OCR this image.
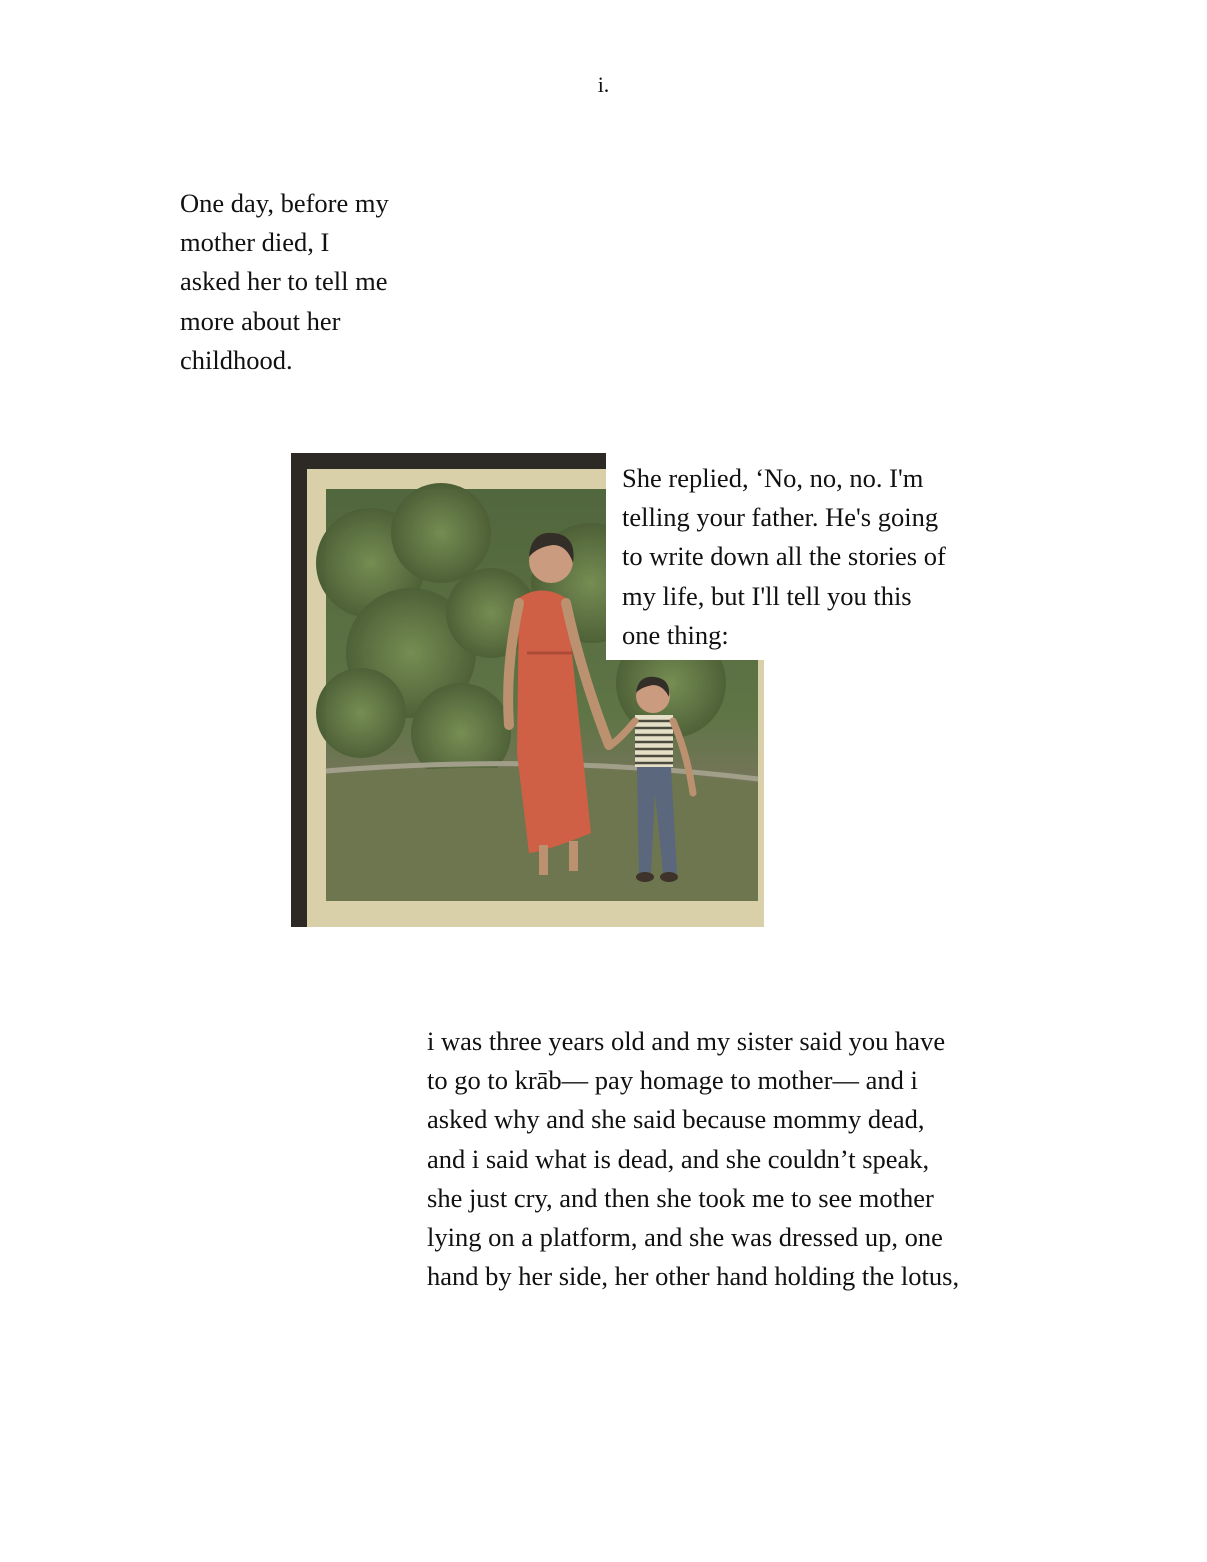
i.
One day, before my
mother died, I
asked her to tell me
more about her
childhood.
She replied, ‘No, no, no. I'm
telling your father. He's going
to write down all the stories of
my life, but I'll tell you this
one thing:
i was three years old and my sister said you have
to go to krāb— pay homage to mother— and i
asked why and she said because mommy dead,
and i said what is dead, and she couldn’t speak,
she just cry, and then she took me to see mother
lying on a platform, and she was dressed up, one
hand by her side, her other hand holding the lotus,
